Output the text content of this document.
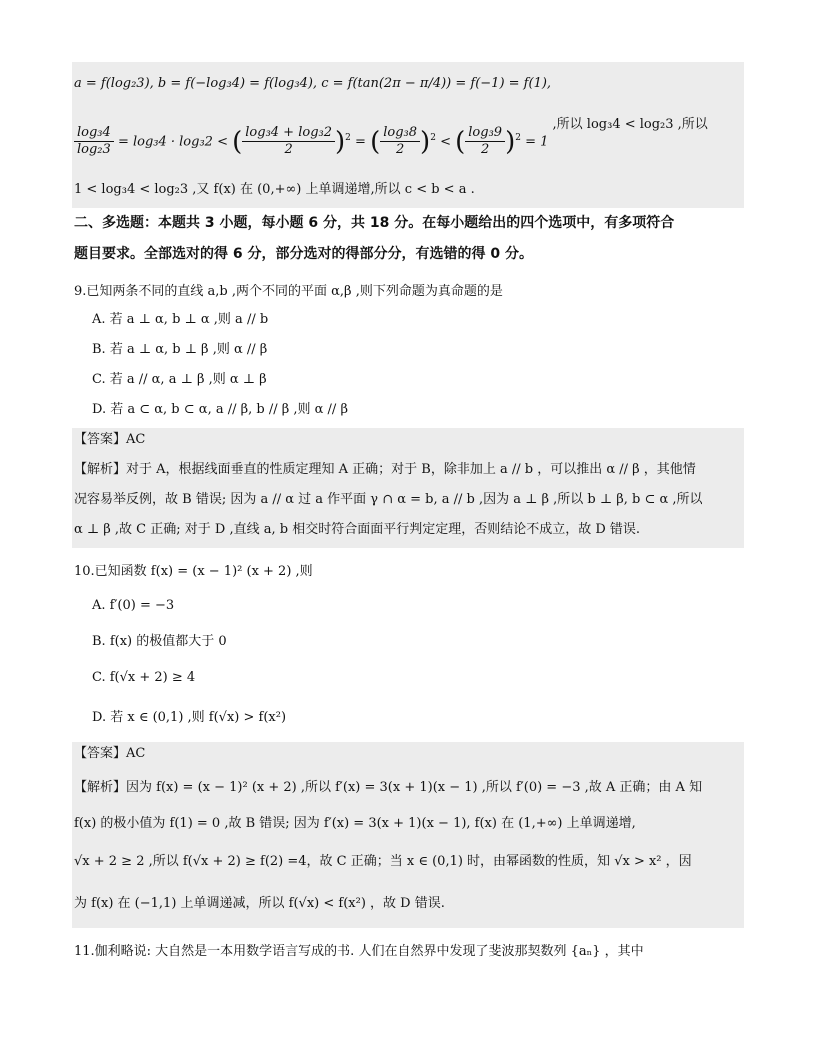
a = f(log₂3), b = f(−log₃4) = f(log₃4), c = f(tan(2π − π/4)) = f(−1) = f(1),
$\frac{\text{log₃4}}{\text{log₂3}} = \log_34 \cdot \log_32$ < ( $\frac{\text{log₃4 + log₃2}}{2} )^2$ = ( $\frac{\text{log₃8}}{2} )^2$ < ( $\frac{\text{log₃9}}{2} )^2 = 1$ ,所以 log₃4 < log₂3 ,所以
1 < log₃4 < log₂3 ,又 f(x) 在 (0,+∞) 上单调递增,所以 c < b < a .
二、多选题：本题共 3 小题，每小题 6 分，共 18 分。在每小题给出的四个选项中，有多项符合
题目要求。全部选对的得 6 分，部分选对的得部分分，有选错的得 0 分。
9.已知两条不同的直线 a,b ,两个不同的平面 α,β ,则下列命题为真命题的是
A. 若 a ⊥ α, b ⊥ α ,则 a // b
B. 若 a ⊥ α, b ⊥ β ,则 α // β
C. 若 a // α, a ⊥ β ,则 α ⊥ β
D. 若 a ⊂ α, b ⊂ α, a // β, b // β ,则 α // β
【答案】AC
【解析】对于 A，根据线面垂直的性质定理知 A 正确；对于 B，除非加上 a // b ，可以推出 α // β ，其他情
况容易举反例，故 B 错误; 因为 a // α 过 a 作平面 γ ∩ α = b, a // b ,因为 a ⊥ β ,所以 b ⊥ β, b ⊂ α ,所以
α ⊥ β ,故 C 正确; 对于 D ,直线 a, b 相交时符合面面平行判定定理，否则结论不成立，故 D 错误.
10.已知函数 f(x) = (x − 1)² (x + 2) ,则
A. f′(0) = −3
B. f(x) 的极值都大于 0
C. f(√x + 2) ≥ 4
D. 若 x ∈ (0,1) ,则 f(√x) > f(x²)
【答案】AC
【解析】因为 f(x) = (x − 1)² (x + 2) ,所以 f′(x) = 3(x + 1)(x − 1) ,所以 f′(0) = −3 ,故 A 正确；由 A 知
f(x) 的极小值为 f(1) = 0 ,故 B 错误; 因为 f′(x) = 3(x + 1)(x − 1), f(x) 在 (1,+∞) 上单调递增,
√x + 2 ≥ 2 ,所以 f(√x + 2) ≥ f(2) =4，故 C 正确；当 x ∈ (0,1) 时，由幂函数的性质，知 √x > x² ，因
为 f(x) 在 (−1,1) 上单调递减，所以 f(√x) < f(x²) ，故 D 错误.
11.伽利略说: 大自然是一本用数学语言写成的书. 人们在自然界中发现了斐波那契数列 {aₙ} ，其中
